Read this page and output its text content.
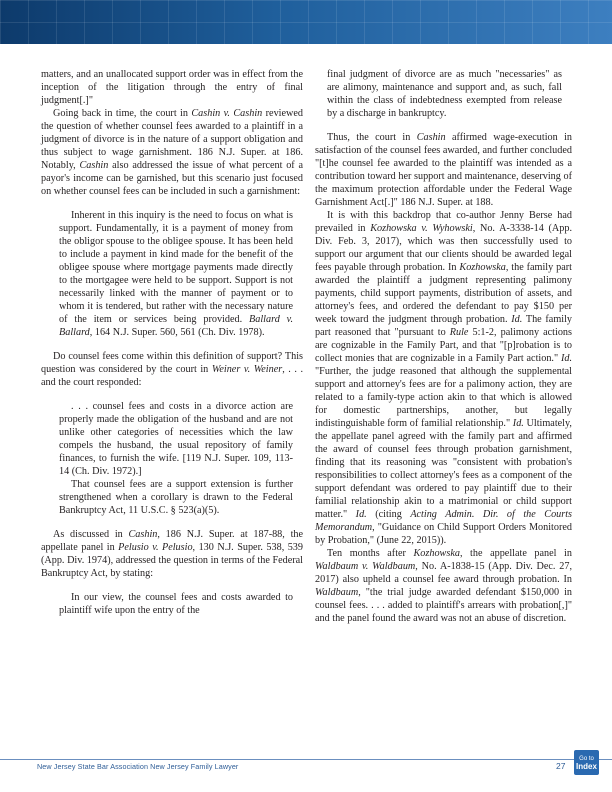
matters, and an unallocated support order was in effect from the inception of the litigation through the entry of final judgment[.]"

Going back in time, the court in Cashin v. Cashin reviewed the question of whether counsel fees awarded to a plaintiff in a judgment of divorce is in the nature of a support obligation and thus subject to wage garnishment. 186 N.J. Super. at 186. Notably, Cashin also addressed the issue of what percent of a payor's income can be garnished, but this scenario just focused on whether counsel fees can be included in such a garnishment:

Inherent in this inquiry is the need to focus on what is support. Fundamentally, it is a payment of money from the obligor spouse to the obligee spouse. It has been held to include a payment in kind made for the benefit of the obligee spouse where mortgage payments made directly to the mortgagee were held to be support. Support is not necessarily linked with the manner of payment or to whom it is tendered, but rather with the necessary nature of the item or services being provided. Ballard v. Ballard, 164 N.J. Super. 560, 561 (Ch. Div. 1978).

Do counsel fees come within this definition of support? This question was considered by the court in Weiner v. Weiner, . . . and the court responded:

. . . counsel fees and costs in a divorce action are properly made the obligation of the husband and are not unlike other categories of necessities which the law compels the husband, the usual repository of family finances, to furnish the wife. [119 N.J. Super. 109, 113-14 (Ch. Div. 1972).]

That counsel fees are a support extension is further strengthened when a corollary is drawn to the Federal Bankruptcy Act, 11 U.S.C. § 523(a)(5).

As discussed in Cashin, 186 N.J. Super. at 187-88, the appellate panel in Pelusio v. Pelusio, 130 N.J. Super. 538, 539 (App. Div. 1974), addressed the question in terms of the Federal Bankruptcy Act, by stating:

In our view, the counsel fees and costs awarded to plaintiff wife upon the entry of the

final judgment of divorce are as much "necessaries" as are alimony, maintenance and support and, as such, fall within the class of indebtedness exempted from release by a discharge in bankruptcy.

Thus, the court in Cashin affirmed wage-execution in satisfaction of the counsel fees awarded, and further concluded "[t]he counsel fee awarded to the plaintiff was intended as a contribution toward her support and maintenance, deserving of the maximum protection affordable under the Federal Wage Garnishment Act[.]" 186 N.J. Super. at 188.

It is with this backdrop that co-author Jenny Berse had prevailed in Kozhowska v. Wyhowski, No. A-3338-14 (App. Div. Feb. 3, 2017), which was then successfully used to support our argument that our clients should be awarded legal fees payable through probation. In Kozhowska, the family part awarded the plaintiff a judgment representing palimony payments, child support payments, distribution of assets, and attorney's fees, and ordered the defendant to pay $150 per week toward the judgment through probation. Id. The family part reasoned that "pursuant to Rule 5:1-2, palimony actions are cognizable in the Family Part, and that "[p]robation is to collect monies that are cognizable in a Family Part action." Id. "Further, the judge reasoned that although the supplemental support and attorney's fees are for a palimony action, they are related to a family-type action akin to that which is allowed for domestic partnerships, another, but legally indistinguishable form of familial relationship." Id. Ultimately, the appellate panel agreed with the family part and affirmed the award of counsel fees through probation garnishment, finding that its reasoning was "consistent with probation's responsibilities to collect attorney's fees as a component of the support defendant was ordered to pay plaintiff due to their familial relationship akin to a matrimonial or child support matter." Id. (citing Acting Admin. Dir. of the Courts Memorandum, "Guidance on Child Support Orders Monitored by Probation," (June 22, 2015)).

Ten months after Kozhowska, the appellate panel in Waldbaum v. Waldbaum, No. A-1838-15 (App. Div. Dec. 27, 2017) also upheld a counsel fee award through probation. In Waldbaum, "the trial judge awarded defendant $150,000 in counsel fees. . . . added to plaintiff's arrears with probation[,]" and the panel found the award was not an abuse of discretion.

New Jersey State Bar Association New Jersey Family Lawyer	27
Go to
Index
